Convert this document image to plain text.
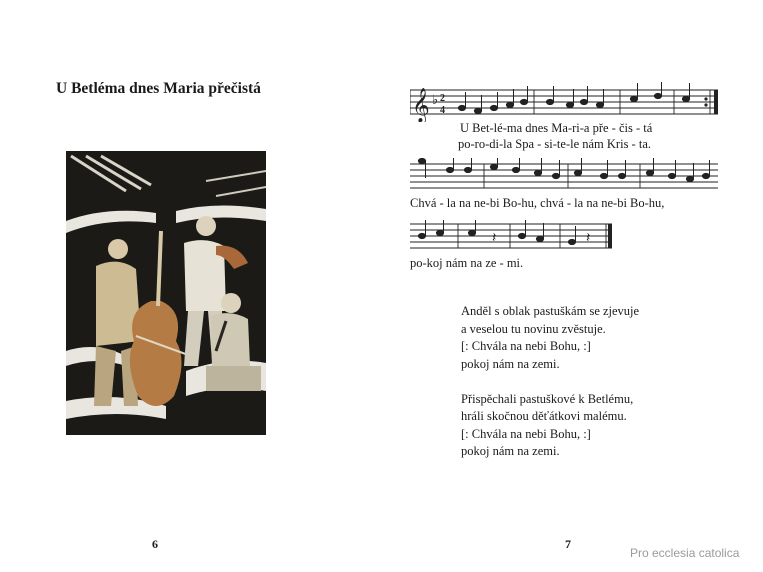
U Betléma dnes Maria přečistá	𝄞 ♭ 2
4
U Bet-lé-ma dnes Ma-ri-a pře - čis - tá
po-ro-di-la Spa - si-te-le nám Kris - ta.
Chvá - la na ne-bi Bo-hu, chvá - la na ne-bi Bo-hu,
𝄽	𝄽
po-koj nám na ze - mi.
Anděl s oblak pastuškám se zjevuje
a veselou tu novinu zvěstuje.
[: Chvála na nebi Bohu, :]
pokoj nám na zemi.
Přispěchali pastuškové k Betlému,
hráli skočnou děťátkovi malému.
[: Chvála na nebi Bohu, :]
pokoj nám na zemi.
6	7
Pro ecclesia catolica
